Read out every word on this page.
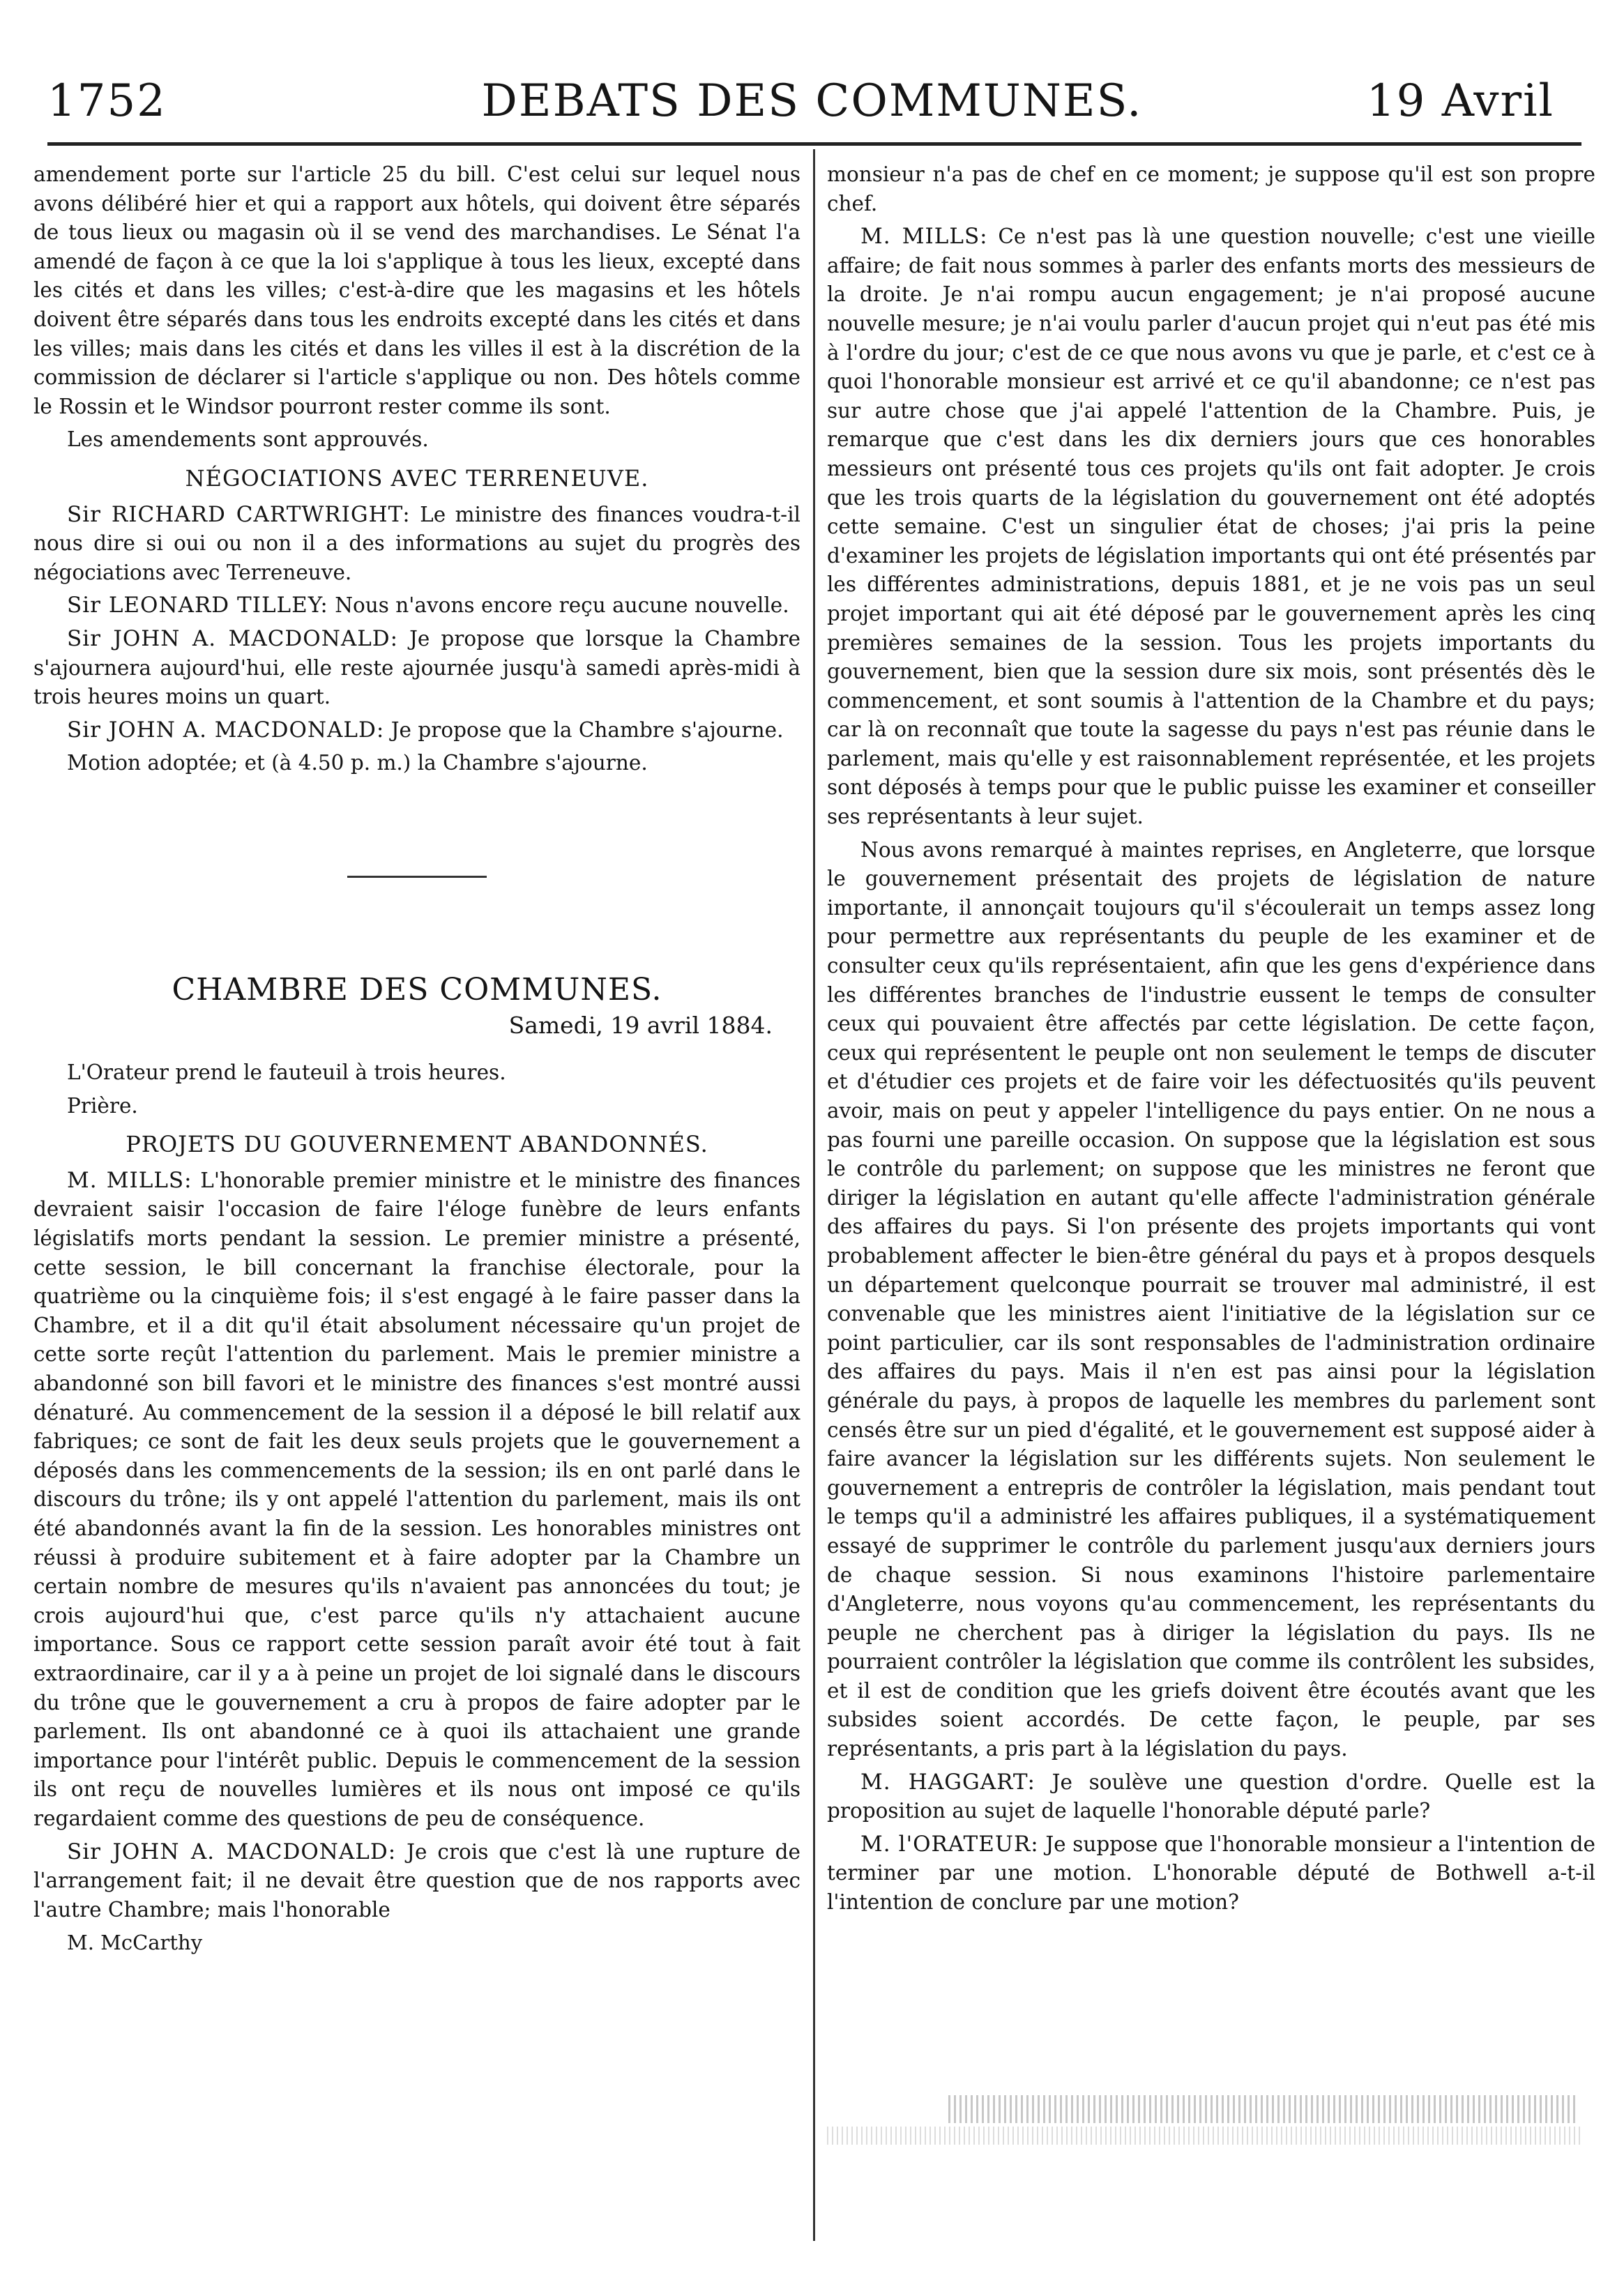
1752	DEBATS DES COMMUNES.	19 Avril

amendement porte sur l'article 25 du bill. C'est celui sur lequel nous avons délibéré hier et qui a rapport aux hôtels, qui doivent être séparés de tous lieux ou magasin où il se vend des marchandises. Le Sénat l'a amendé de façon à ce que la loi s'applique à tous les lieux, excepté dans les cités et dans les villes; c'est-à-dire que les magasins et les hôtels doivent être séparés dans tous les endroits excepté dans les cités et dans les villes; mais dans les cités et dans les villes il est à la discrétion de la commission de déclarer si l'article s'applique ou non. Des hôtels comme le Rossin et le Windsor pourront rester comme ils sont.

Les amendements sont approuvés.

NÉGOCIATIONS AVEC TERRENEUVE.

Sir RICHARD CARTWRIGHT: Le ministre des finances voudra-t-il nous dire si oui ou non il a des informations au sujet du progrès des négociations avec Terreneuve.

Sir LEONARD TILLEY: Nous n'avons encore reçu aucune nouvelle.

Sir JOHN A. MACDONALD: Je propose que lorsque la Chambre s'ajournera aujourd'hui, elle reste ajournée jusqu'à samedi après-midi à trois heures moins un quart.

Sir JOHN A. MACDONALD: Je propose que la Chambre s'ajourne.

Motion adoptée; et (à 4.50 p. m.) la Chambre s'ajourne.

CHAMBRE DES COMMUNES.
Samedi, 19 avril 1884.

L'Orateur prend le fauteuil à trois heures.

Prière.

PROJETS DU GOUVERNEMENT ABANDONNÉS.

M. MILLS: L'honorable premier ministre et le ministre des finances devraient saisir l'occasion de faire l'éloge funèbre de leurs enfants législatifs morts pendant la session. Le premier ministre a présenté, cette session, le bill concernant la franchise électorale, pour la quatrième ou la cinquième fois; il s'est engagé à le faire passer dans la Chambre, et il a dit qu'il était absolument nécessaire qu'un projet de cette sorte reçût l'attention du parlement. Mais le premier ministre a abandonné son bill favori et le ministre des finances s'est montré aussi dénaturé. Au commencement de la session il a déposé le bill relatif aux fabriques; ce sont de fait les deux seuls projets que le gouvernement a déposés dans les commencements de la session; ils en ont parlé dans le discours du trône; ils y ont appelé l'attention du parlement, mais ils ont été abandonnés avant la fin de la session. Les honorables ministres ont réussi à produire subitement et à faire adopter par la Chambre un certain nombre de mesures qu'ils n'avaient pas annoncées du tout; je crois aujourd'hui que, c'est parce qu'ils n'y attachaient aucune importance. Sous ce rapport cette session paraît avoir été tout à fait extraordinaire, car il y a à peine un projet de loi signalé dans le discours du trône que le gouvernement a cru à propos de faire adopter par le parlement. Ils ont abandonné ce à quoi ils attachaient une grande importance pour l'intérêt public. Depuis le commencement de la session ils ont reçu de nouvelles lumières et ils nous ont imposé ce qu'ils regardaient comme des questions de peu de conséquence.

Sir JOHN A. MACDONALD: Je crois que c'est là une rupture de l'arrangement fait; il ne devait être question que de nos rapports avec l'autre Chambre; mais l'honorable

M. McCarthy

monsieur n'a pas de chef en ce moment; je suppose qu'il est son propre chef.

M. MILLS: Ce n'est pas là une question nouvelle; c'est une vieille affaire; de fait nous sommes à parler des enfants morts des messieurs de la droite. Je n'ai rompu aucun engagement; je n'ai proposé aucune nouvelle mesure; je n'ai voulu parler d'aucun projet qui n'eut pas été mis à l'ordre du jour; c'est de ce que nous avons vu que je parle, et c'est ce à quoi l'honorable monsieur est arrivé et ce qu'il abandonne; ce n'est pas sur autre chose que j'ai appelé l'attention de la Chambre. Puis, je remarque que c'est dans les dix derniers jours que ces honorables messieurs ont présenté tous ces projets qu'ils ont fait adopter. Je crois que les trois quarts de la législation du gouvernement ont été adoptés cette semaine. C'est un singulier état de choses; j'ai pris la peine d'examiner les projets de législation importants qui ont été présentés par les différentes administrations, depuis 1881, et je ne vois pas un seul projet important qui ait été déposé par le gouvernement après les cinq premières semaines de la session. Tous les projets importants du gouvernement, bien que la session dure six mois, sont présentés dès le commencement, et sont soumis à l'attention de la Chambre et du pays; car là on reconnaît que toute la sagesse du pays n'est pas réunie dans le parlement, mais qu'elle y est raisonnablement représentée, et les projets sont déposés à temps pour que le public puisse les examiner et conseiller ses représentants à leur sujet.

Nous avons remarqué à maintes reprises, en Angleterre, que lorsque le gouvernement présentait des projets de législation de nature importante, il annonçait toujours qu'il s'écoulerait un temps assez long pour permettre aux représentants du peuple de les examiner et de consulter ceux qu'ils représentaient, afin que les gens d'expérience dans les différentes branches de l'industrie eussent le temps de consulter ceux qui pouvaient être affectés par cette législation. De cette façon, ceux qui représentent le peuple ont non seulement le temps de discuter et d'étudier ces projets et de faire voir les défectuosités qu'ils peuvent avoir, mais on peut y appeler l'intelligence du pays entier. On ne nous a pas fourni une pareille occasion. On suppose que la législation est sous le contrôle du parlement; on suppose que les ministres ne feront que diriger la législation en autant qu'elle affecte l'administration générale des affaires du pays. Si l'on présente des projets importants qui vont probablement affecter le bien-être général du pays et à propos desquels un département quelconque pourrait se trouver mal administré, il est convenable que les ministres aient l'initiative de la législation sur ce point particulier, car ils sont responsables de l'administration ordinaire des affaires du pays. Mais il n'en est pas ainsi pour la législation générale du pays, à propos de laquelle les membres du parlement sont censés être sur un pied d'égalité, et le gouvernement est supposé aider à faire avancer la législation sur les différents sujets. Non seulement le gouvernement a entrepris de contrôler la législation, mais pendant tout le temps qu'il a administré les affaires publiques, il a systématiquement essayé de supprimer le contrôle du parlement jusqu'aux derniers jours de chaque session. Si nous examinons l'histoire parlementaire d'Angleterre, nous voyons qu'au commencement, les représentants du peuple ne cherchent pas à diriger la législation du pays. Ils ne pourraient contrôler la législation que comme ils contrôlent les subsides, et il est de condition que les griefs doivent être écoutés avant que les subsides soient accordés. De cette façon, le peuple, par ses représentants, a pris part à la législation du pays.

M. HAGGART: Je soulève une question d'ordre. Quelle est la proposition au sujet de laquelle l'honorable député parle?

M. l'ORATEUR: Je suppose que l'honorable monsieur a l'intention de terminer par une motion. L'honorable député de Bothwell a-t-il l'intention de conclure par une motion?
